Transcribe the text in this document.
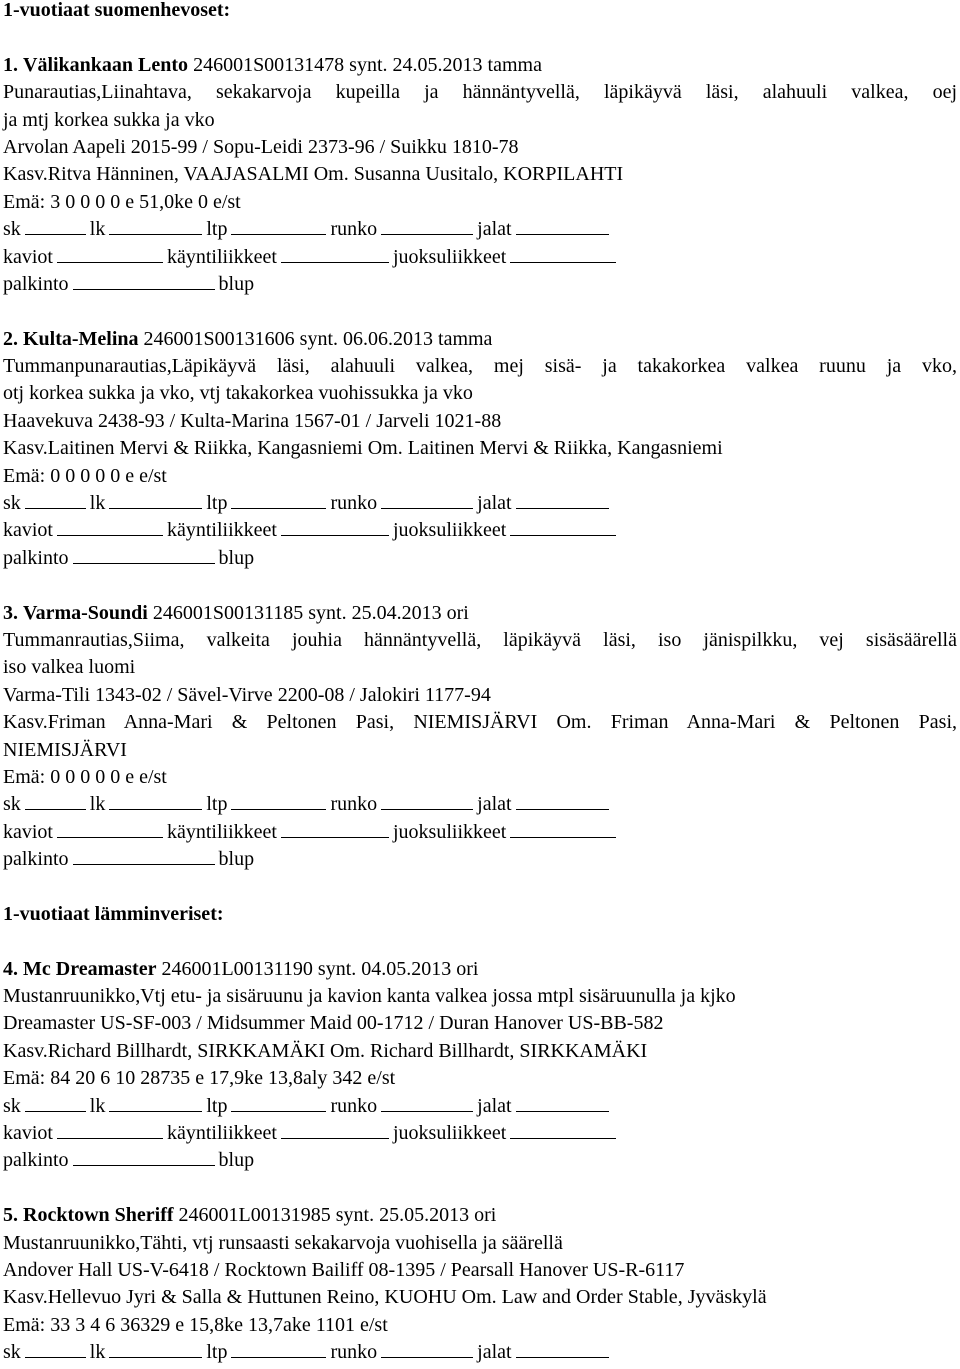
1-vuotiaat suomenhevoset:
1. Välikankaan Lento 246001S00131478 synt. 24.05.2013 tamma
Punarautias,Liinahtava, sekakarvoja kupeilla ja hännäntyvellä, läpikäyvä läsi, alahuuli valkea, oej
ja mtj korkea sukka ja vko
Arvolan Aapeli 2015-99 / Sopu-Leidi 2373-96 / Suikku 1810-78
Kasv.Ritva Hänninen, VAAJASALMI Om. Susanna Uusitalo, KORPILAHTI
Emä: 3 0 0 0 0 e 51,0ke 0 e/st
sk	lk	ltp	runko	jalat
kaviot	käyntiliikkeet	juoksuliikkeet
palkinto	blup
2. Kulta-Melina 246001S00131606 synt. 06.06.2013 tamma
Tummanpunarautias,Läpikäyvä läsi, alahuuli valkea, mej sisä- ja takakorkea valkea ruunu ja vko,
otj korkea sukka ja vko, vtj takakorkea vuohissukka ja vko
Haavekuva 2438-93 / Kulta-Marina 1567-01 / Jarveli 1021-88
Kasv.Laitinen Mervi & Riikka, Kangasniemi Om. Laitinen Mervi & Riikka, Kangasniemi
Emä: 0 0 0 0 0 e e/st
sk	lk	ltp	runko	jalat
kaviot	käyntiliikkeet	juoksuliikkeet
palkinto	blup
3. Varma-Soundi 246001S00131185 synt. 25.04.2013 ori
Tummanrautias,Siima, valkeita jouhia hännäntyvellä, läpikäyvä läsi, iso jänispilkku, vej sisäsäärellä
iso valkea luomi
Varma-Tili 1343-02 / Sävel-Virve 2200-08 / Jalokiri 1177-94
Kasv.Friman Anna-Mari & Peltonen Pasi, NIEMISJÄRVI Om. Friman Anna-Mari & Peltonen Pasi,
NIEMISJÄRVI
Emä: 0 0 0 0 0 e e/st
sk	lk	ltp	runko	jalat
kaviot	käyntiliikkeet	juoksuliikkeet
palkinto	blup
1-vuotiaat lämminveriset:
4. Mc Dreamaster 246001L00131190 synt. 04.05.2013 ori
Mustanruunikko,Vtj etu- ja sisäruunu ja kavion kanta valkea jossa mtpl sisäruunulla ja kjko
Dreamaster US-SF-003 / Midsummer Maid 00-1712 / Duran Hanover US-BB-582
Kasv.Richard Billhardt, SIRKKAMÄKI Om. Richard Billhardt, SIRKKAMÄKI
Emä: 84 20 6 10 28735 e 17,9ke 13,8aly 342 e/st
sk	lk	ltp	runko	jalat
kaviot	käyntiliikkeet	juoksuliikkeet
palkinto	blup
5. Rocktown Sheriff 246001L00131985 synt. 25.05.2013 ori
Mustanruunikko,Tähti, vtj runsaasti sekakarvoja vuohisella ja säärellä
Andover Hall US-V-6418 / Rocktown Bailiff 08-1395 / Pearsall Hanover US-R-6117
Kasv.Hellevuo Jyri & Salla & Huttunen Reino, KUOHU Om. Law and Order Stable, Jyväskylä
Emä: 33 3 4 6 36329 e 15,8ke 13,7ake 1101 e/st
sk	lk	ltp	runko	jalat
